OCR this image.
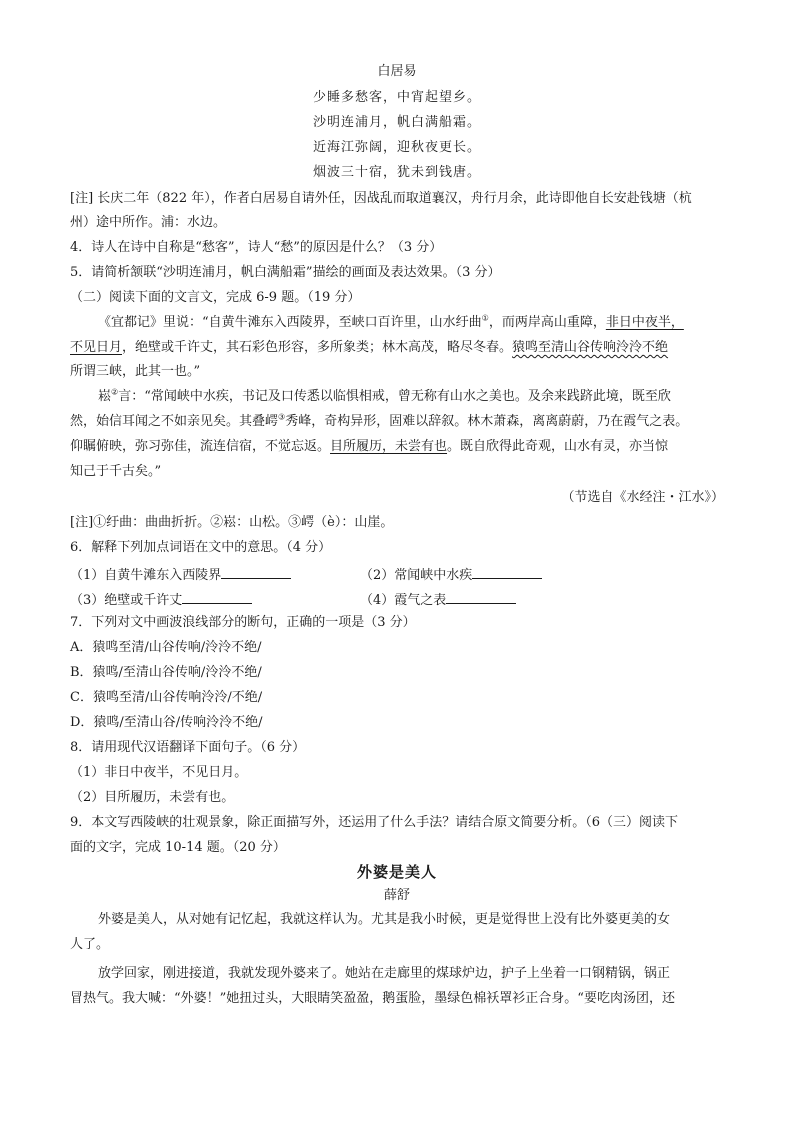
白居易
少睡多愁客，中宵起望乡。
沙明连浦月，帆白满船霜。
近海江弥阔，迎秋夜更长。
烟波三十宿，犹未到钱唐。
[注] 长庆二年（822 年），作者白居易自请外任，因战乱而取道襄汉，舟行月余，此诗即他自长安赴钱塘（杭
州）途中所作。浦：水边。
4．诗人在诗中自称是“愁客”，诗人“愁”的原因是什么？（3 分）
5．请简析颔联“沙明连浦月，帆白满船霜”描绘的画面及表达效果。（3 分）
（二）阅读下面的文言文，完成 6-9 题。（19 分）
《宜都记》里说：“自黄牛滩东入西陵界，至峡口百许里，山水纡曲①，而两岸高山重障，非日中夜半，
不见日月，绝壁或千许丈，其石彩色形容，多所象类；林木高茂，略尽冬春。猿鸣至清山谷传响泠泠不绝
所谓三峡，此其一也。”
崧②言：“常闻峡中水疾，书记及口传悉以临惧相戒，曾无称有山水之美也。及余来践跻此境，既至欣
然，始信耳闻之不如亲见矣。其叠崿③秀峰，奇构异形，固难以辞叙。林木萧森，离离蔚蔚，乃在霞气之表。
仰瞩俯映，弥习弥佳，流连信宿，不觉忘返。目所履历，未尝有也。既自欣得此奇观，山水有灵，亦当惊
知己于千古矣。”
（节选自《水经注・江水》）
[注]①纡曲：曲曲折折。②崧：山松。③崿（è）：山崖。
6．解释下列加点词语在文中的意思。（4 分）
（1）自黄牛滩东入西陵界	（2）常闻峡中水疾
（3）绝壁或千许丈	（4）霞气之表
7．下列对文中画波浪线部分的断句，正确的一项是（3 分）
A．猿鸣至清/山谷传响/泠泠不绝/
B．猿鸣/至清山谷传响/泠泠不绝/
C．猿鸣至清/山谷传响泠泠/不绝/
D．猿鸣/至清山谷/传响泠泠不绝/
8．请用现代汉语翻译下面句子。（6 分）
（1）非日中夜半，不见日月。
（2）目所履历，未尝有也。
9．本文写西陵峡的壮观景象，除正面描写外，还运用了什么手法？请结合原文简要分析。（6（三）阅读下
面的文字，完成 10-14 题。（20 分）
外婆是美人
薛舒
外婆是美人，从对她有记忆起，我就这样认为。尤其是我小时候，更是觉得世上没有比外婆更美的女
人了。
放学回家，刚进接道，我就发现外婆来了。她站在走廊里的煤球炉边，护子上坐着一口钢精锅，锅正
冒热气。我大喊：“外婆！”她扭过头，大眼睛笑盈盈，鹅蛋脸，墨绿色棉袄罩衫正合身。“要吃肉汤团，还
